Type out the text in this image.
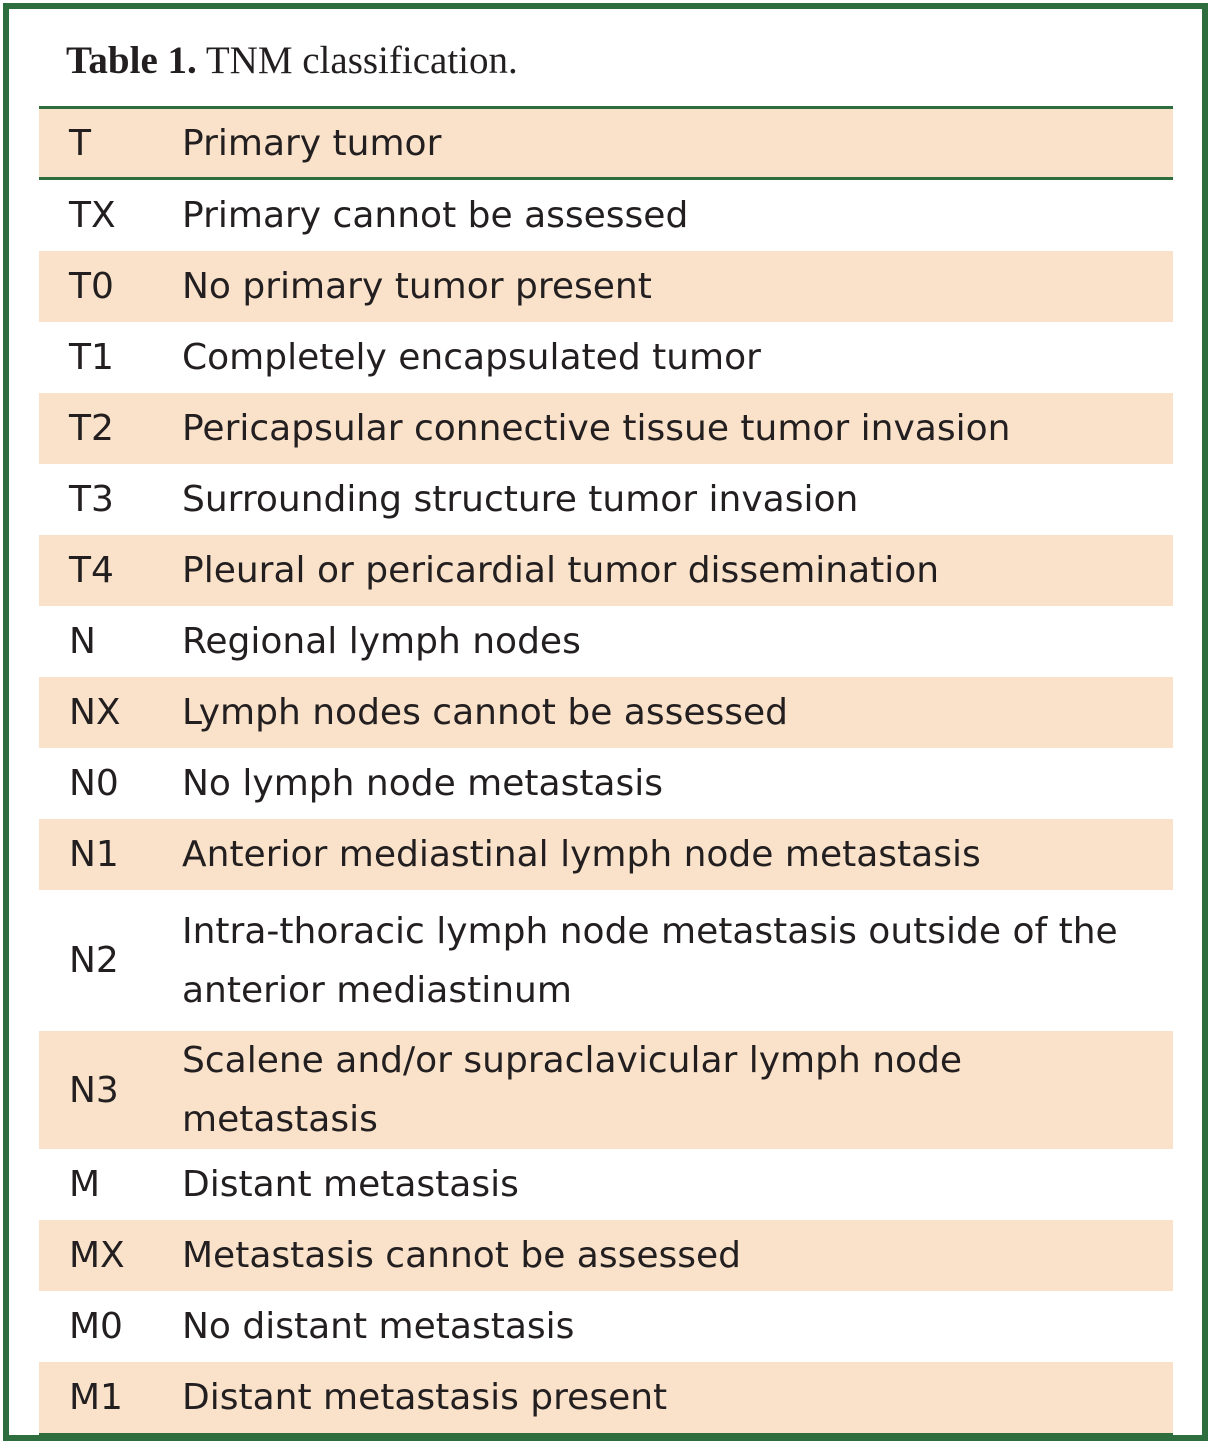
Table 1. TNM classification.
T	Primary tumor
TX	Primary cannot be assessed
T0	No primary tumor present
T1	Completely encapsulated tumor
T2	Pericapsular connective tissue tumor invasion
T3	Surrounding structure tumor invasion
T4	Pleural or pericardial tumor dissemination
N	Regional lymph nodes
NX	Lymph nodes cannot be assessed
N0	No lymph node metastasis
N1	Anterior mediastinal lymph node metastasis
N2	Intra-thoracic lymph node metastasis outside of the anterior mediastinum
N3	Scalene and/or supraclavicular lymph node metastasis
M	Distant metastasis
MX	Metastasis cannot be assessed
M0	No distant metastasis
M1	Distant metastasis present
